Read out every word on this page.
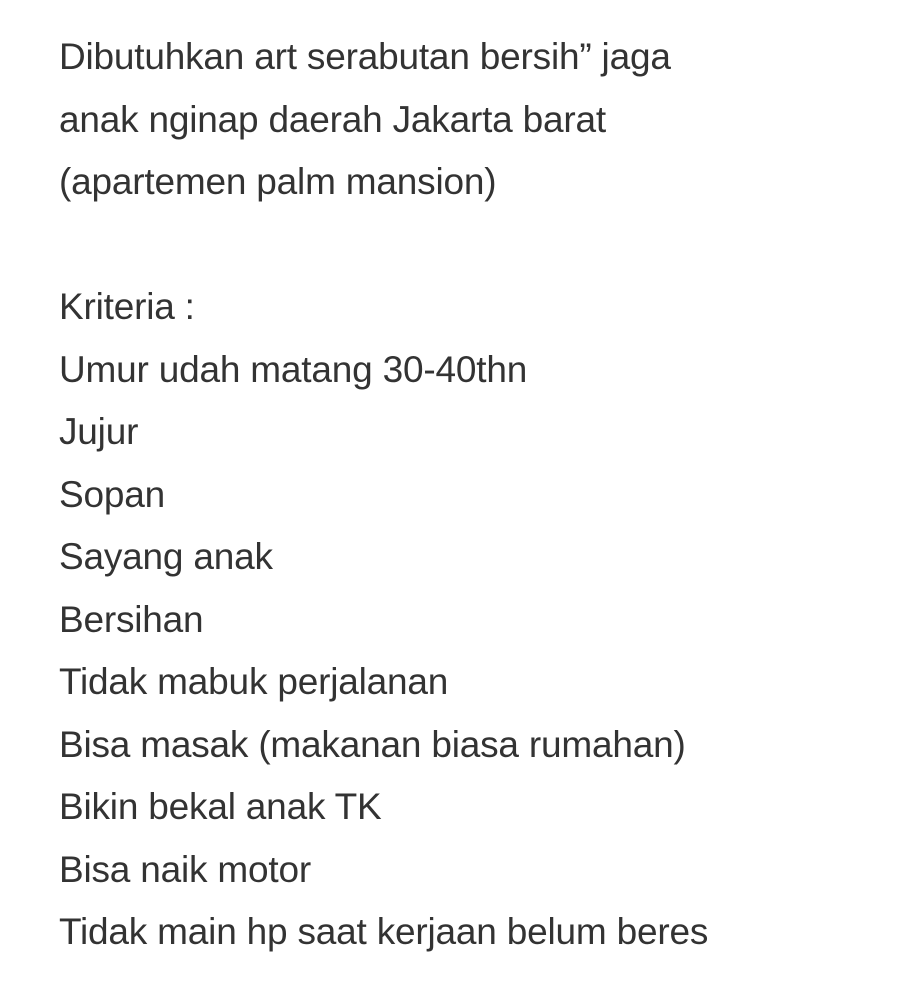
Dibutuhkan art serabutan bersih” jaga
anak nginap daerah Jakarta barat
(apartemen palm mansion)
Kriteria :
Umur udah matang 30-40thn
Jujur
Sopan
Sayang anak
Bersihan
Tidak mabuk perjalanan
Bisa masak (makanan biasa rumahan)
Bikin bekal anak TK
Bisa naik motor
Tidak main hp saat kerjaan belum beres
